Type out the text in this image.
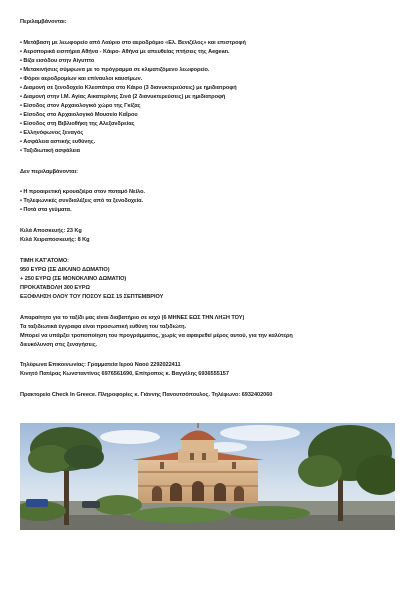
Περιλαμβάνονται:
• Μετάβαση με λεωφορείο από Λαύριο στο αεροδρόμιο «Ελ. Βενιζέλος» και επιστροφή
• Αεροπορικά εισιτήρια Αθήνα - Κάιρο- Αθήνα με απευθείας πτήσεις της Aegean.
• Βίζα εισόδου στην Αίγυπτο
• Μετακινήσεις σύμφωνα με το πρόγραμμα σε κλιματιζόμενο λεωφορείο.
• Φόροι αεροδρομίων και επίναυλοι καυσίμων.
• Διαμονή σε ξενοδοχείο Κλεοπάτρα στο Κάιρο (3 διανυκτερεύσεις) με ημιδιατροφή
• Διαμονή στην Ι.Μ. Αγίας Αικατερίνης Σινά (2 διανυκτερεύσεις) με ημιδιατροφή
• Είσοδος στον Αρχαιολογικό χώρο της Γκίζας
• Είσοδος στο Αρχαιολογικό Μουσείο Καΐρου
• Είσοδος στη Βιβλιοθήκη της Αλεξανδρείας
• Ελληνόφωνος ξεναγός
• Ασφάλεια αστικής ευθύνης.
• Ταξιδιωτική ασφάλεια
Δεν περιλαμβάνονται:
• Η προαιρετική κρουαζιέρα στον ποταμό Νείλο.
• Τηλεφωνικές συνδιαλέξεις από τα ξενοδοχεία.
• Ποτά στα γεύματα.
Κιλά Αποσκευής: 23 Kg
Κιλά Χειραποσκευής: 8 Kg
ΤΙΜΗ ΚΑΤ'ΑΤΟΜΟ:
950 ΕΥΡΩ (ΣΕ ΔΙΚΛΙΝΟ ΔΩΜΑΤΙΟ)
+ 250 ΕΥΡΩ (ΣΕ ΜΟΝΟΚΛΙΝΟ ΔΩΜΑΤΙΟ)
ΠΡΟΚΑΤΑΒΟΛΗ 300 ΕΥΡΩ
ΕΞΟΦΛΗΣΗ ΟΛΟΥ ΤΟΥ ΠΟΣΟΥ ΕΩΣ 15 ΣΕΠΤΕΜΒΡΙΟΥ
Απαραίτητο για το ταξίδι μας είναι διαβατήριο σε ισχύ (6 ΜΗΝΕΣ ΕΩΣ ΤΗΝ ΛΗΞΗ ΤΟΥ)
Τα ταξιδιωτικά έγγραφα είναι προσωπική ευθύνη του ταξιδιώτη.
Μπορεί να υπάρξει τροποποίηση του προγράμματος, χωρίς να αφαιρεθεί μέρος αυτού, για την καλύτερη
διευκόλυνση στις ξεναγήσεις.
Τηλέφωνα Επικοινωνίας: Γραμματεία Ιερού Ναού 2292022411
Κινητό Πατέρας Κωνσταντίνος 6976561690, Επίτροπος κ. Βαγγέλης 6936555157
Πρακτορείο Check In Greece. Πληροφορίες κ. Γιάννης Πανουτσόπουλος. Τηλέφωνο: 6932402060
